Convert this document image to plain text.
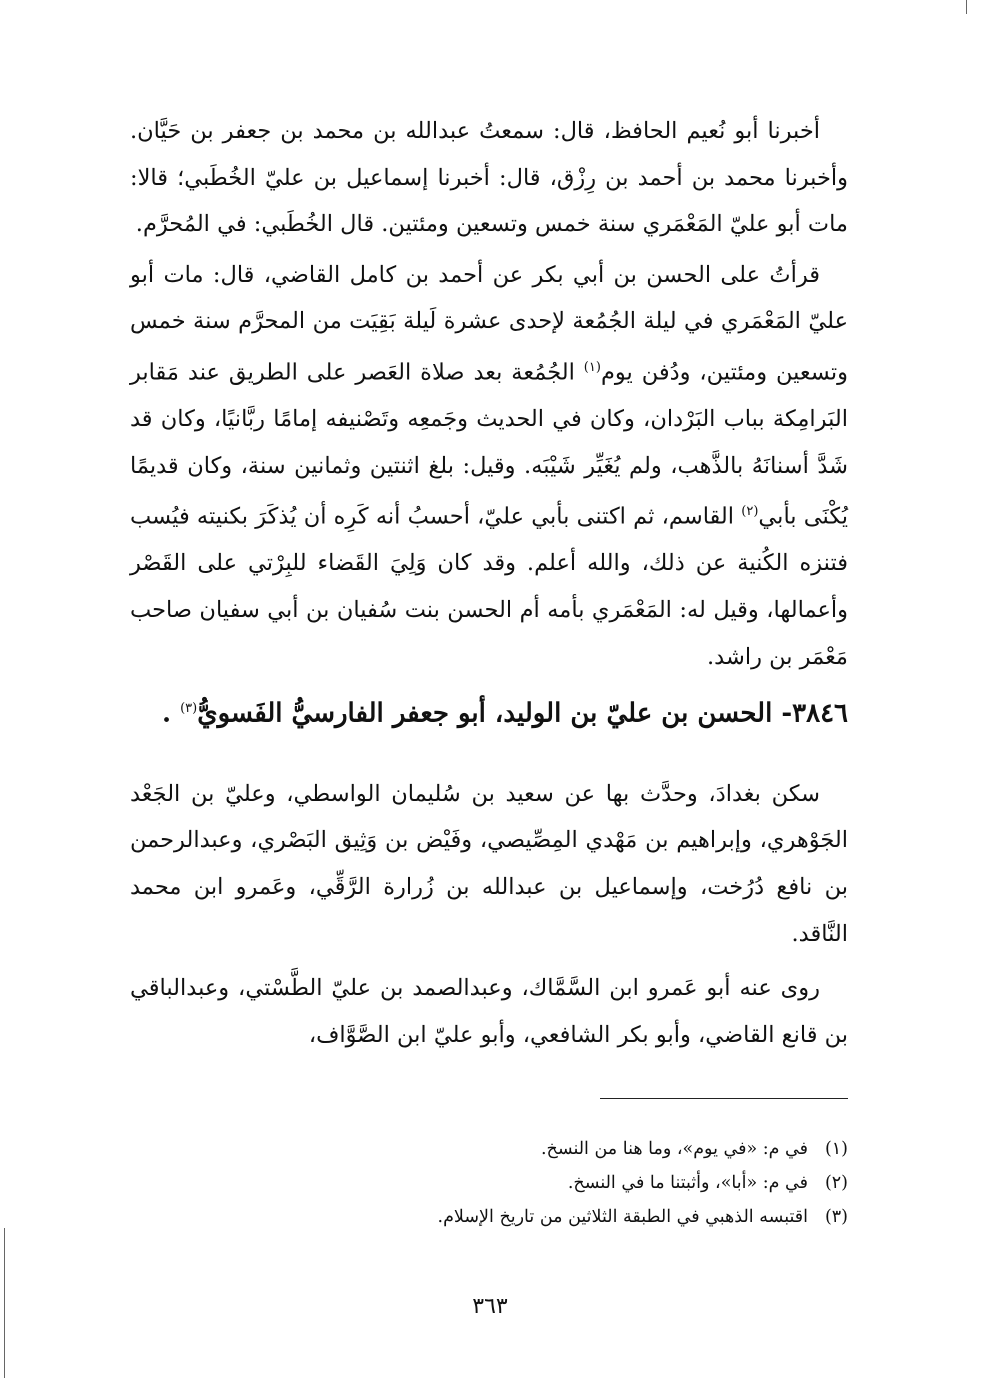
أخبرنا أبو نُعيم الحافظ، قال: سمعتُ عبدالله بن محمد بن جعفر بن حَيَّان. وأخبرنا محمد بن أحمد بن رِزْق، قال: أخبرنا إسماعيل بن عليّ الخُطَبي؛ قالا: مات أبو عليّ المَعْمَري سنة خمس وتسعين ومئتين. قال الخُطَبي: في المُحرَّم.

قرأتُ على الحسن بن أبي بكر عن أحمد بن كامل القاضي، قال: مات أبو عليّ المَعْمَري في ليلة الجُمُعة لإحدى عشرة لَيلة بَقِيَت من المحرَّم سنة خمس وتسعين ومئتين، ودُفن يوم$^{(١)}$ الجُمُعة بعد صلاة العَصر على الطريق عند مَقابر البَرامِكة بباب البَرْدان، وكان في الحديث وجَمعِه وتَصْنيفه إمامًا ربَّانيًا، وكان قد شَدَّ أسنانَهُ بالذَّهب، ولم يُغَيِّر شَيْبَه. وقيل: بلغ اثنتين وثمانين سنة، وكان قديمًا يُكْنَى بأبي$^{(٢)}$ القاسم، ثم اكتنى بأبي عليّ، أحسبُ أنه كَرِه أن يُذكَرَ بكنيته فيُسب فتنزه الكُنية عن ذلك، والله أعلم. وقد كان وَلِيَ القَضاء للبِرْتي على القَصْر وأعمالها، وقيل له: المَعْمَري بأمه أم الحسن بنت سُفيان بن أبي سفيان صاحب مَعْمَر بن راشد.

٣٨٤٦- الحسن بن عليّ بن الوليد، أبو جعفر الفارسيُّ الفَسويُّ$^{(٣)}$ .

سكن بغدادَ، وحدَّث بها عن سعيد بن سُليمان الواسطي، وعليّ بن الجَعْد الجَوْهري، وإبراهيم بن مَهْدي المِصِّيصي، وفَيْض بن وَثِيق البَصْري، وعبدالرحمن بن نافع دُرُخت، وإسماعيل بن عبدالله بن زُرارة الرَّقِّي، وعَمرو ابن محمد النَّاقد.

روى عنه أبو عَمرو ابن السَّمَّاك، وعبدالصمد بن عليّ الطَّسْتي، وعبدالباقي بن قانع القاضي، وأبو بكر الشافعي، وأبو عليّ ابن الصَّوَّاف،

(١)في م: «في يوم»، وما هنا من النسخ.
(٢)في م: «أبا»، وأثبتنا ما في النسخ.
(٣)اقتبسه الذهبي في الطبقة الثلاثين من تاريخ الإسلام.
٣٦٣
